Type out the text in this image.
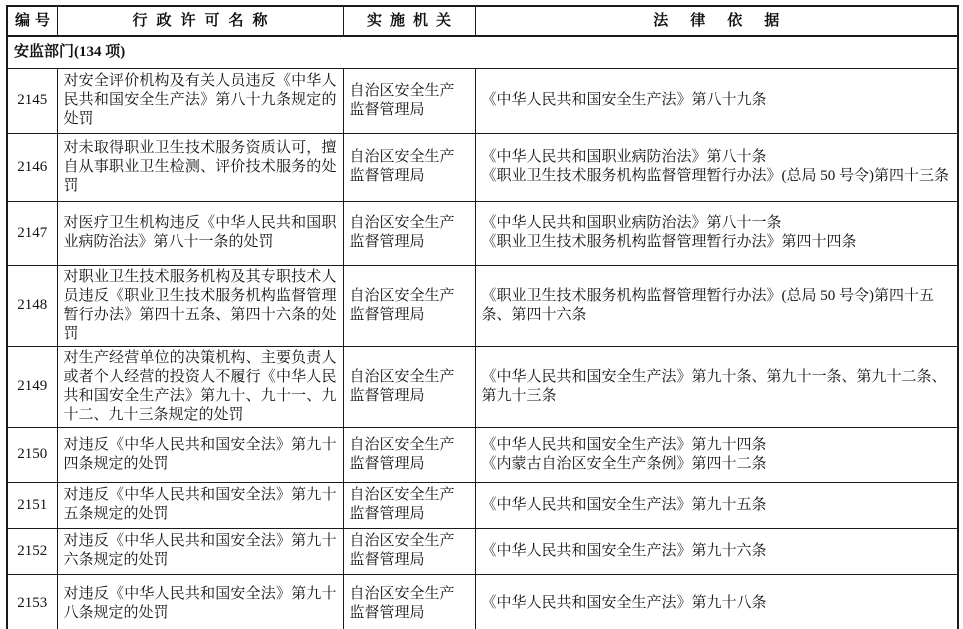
编号	行政许可名称	实施机关	法律依据
安监部门(134 项)			
2145	对安全评价机构及有关人员违反《中华人民共和国安全生产法》第八十九条规定的处罚	自治区安全生产监督管理局	《中华人民共和国安全生产法》第八十九条

2146	对未取得职业卫生技术服务资质认可，擅自从事职业卫生检测、评价技术服务的处罚	自治区安全生产监督管理局	《中华人民共和国职业病防治法》第八十条
《职业卫生技术服务机构监督管理暂行办法》(总局 50 号令)第四十三条

2147	对医疗卫生机构违反《中华人民共和国职业病防治法》第八十一条的处罚	自治区安全生产监督管理局	《中华人民共和国职业病防治法》第八十一条
《职业卫生技术服务机构监督管理暂行办法》第四十四条

2148	对职业卫生技术服务机构及其专职技术人员违反《职业卫生技术服务机构监督管理暂行办法》第四十五条、第四十六条的处罚	自治区安全生产监督管理局	《职业卫生技术服务机构监督管理暂行办法》(总局 50 号令)第四十五条、第四十六条

2149	对生产经营单位的决策机构、主要负责人或者个人经营的投资人不履行《中华人民共和国安全生产法》第九十、九十一、九十二、九十三条规定的处罚	自治区安全生产监督管理局	《中华人民共和国安全生产法》第九十条、第九十一条、第九十二条、第九十三条

2150	对违反《中华人民共和国安全法》第九十四条规定的处罚	自治区安全生产监督管理局	《中华人民共和国安全生产法》第九十四条
《内蒙古自治区安全生产条例》第四十二条

2151	对违反《中华人民共和国安全法》第九十五条规定的处罚	自治区安全生产监督管理局	《中华人民共和国安全生产法》第九十五条

2152	对违反《中华人民共和国安全法》第九十六条规定的处罚	自治区安全生产监督管理局	《中华人民共和国安全生产法》第九十六条

2153	对违反《中华人民共和国安全法》第九十八条规定的处罚	自治区安全生产监督管理局	《中华人民共和国安全生产法》第九十八条
